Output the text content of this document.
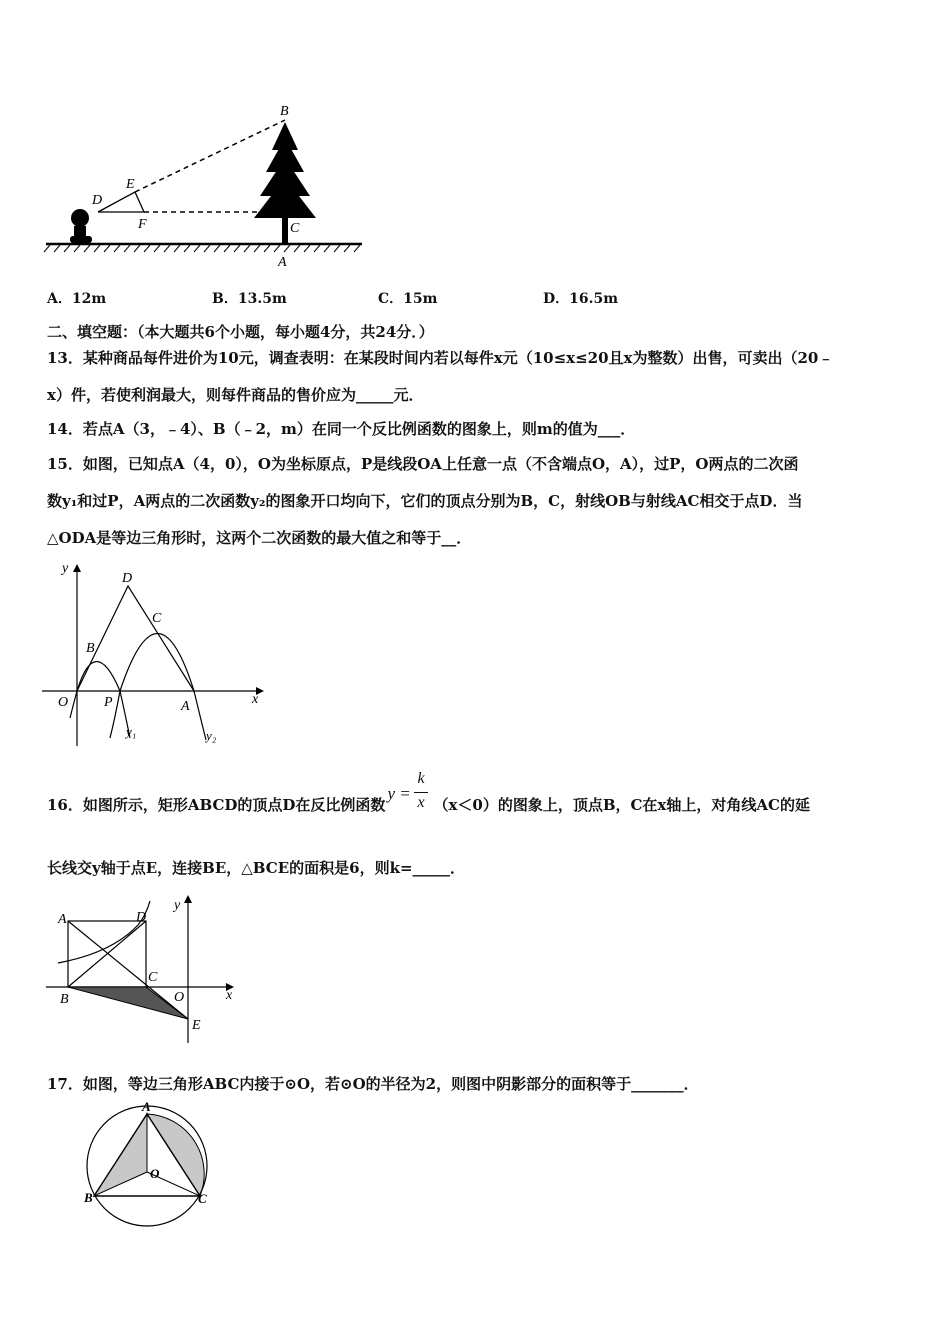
B
D
E
F	C
A
A．12m	B．13.5m	C．15m	D．16.5m
二、填空题：（本大题共6个小题，每小题4分，共24分．）
13．某种商品每件进价为10元，调查表明：在某段时间内若以每件x元（10≤x≤20且x为整数）出售，可卖出（20﹣
x）件，若使利润最大，则每件商品的售价应为_____元．
14．若点A（3，﹣4）、B（﹣2，m）在同一个反比例函数的图象上，则m的值为___．
15．如图，已知点A（4，0），O为坐标原点，P是线段OA上任意一点（不含端点O，A），过P，O两点的二次函
数y₁和过P，A两点的二次函数y₂的图象开口均向下，它们的顶点分别为B，C，射线OB与射线AC相交于点D．当
△ODA是等边三角形时，这两个二次函数的最大值之和等于__．
y
D
B
C
O	P	A	x
y₁	y₂
16．如图所示，矩形ABCD的顶点D在反比例函数
y =
k
x （x＜0）的图象上，顶点B，C在x轴上，对角线AC的延
长线交y轴于点E，连接BE，△BCE的面积是6，则k=_____．
A	D
y
C
B	O	x
E
17．如图，等边三角形ABC内接于⊙O，若⊙O的半径为2，则图中阴影部分的面积等于_______．
A
O
B	C
